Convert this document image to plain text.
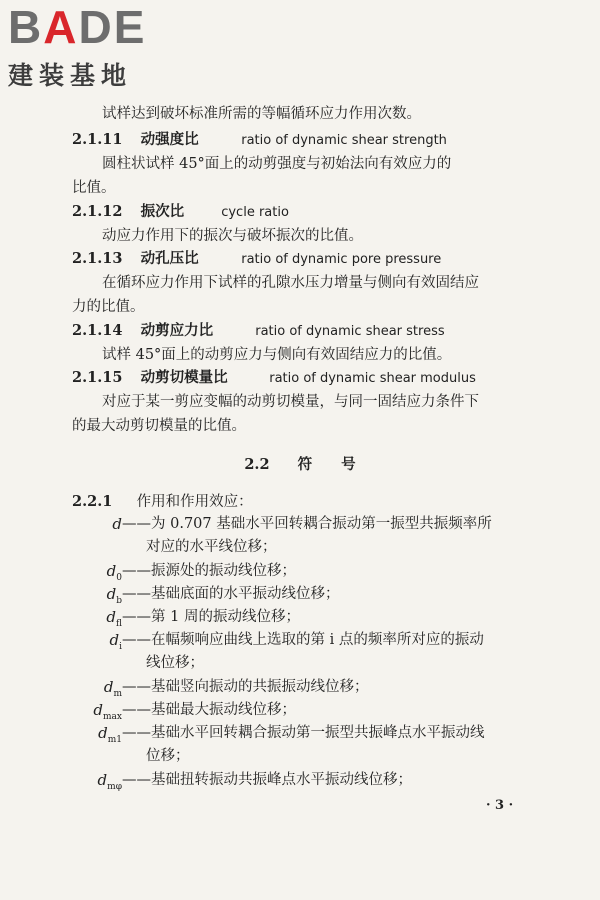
BADE
建装基地
试样达到破坏标准所需的等幅循环应力作用次数。
2.1.11 动强度比	ratio of dynamic shear strength
圆柱状试样 45°面上的动剪强度与初始法向有效应力的
比值。
2.1.12 振次比	cycle ratio
动应力作用下的振次与破坏振次的比值。
2.1.13 动孔压比	ratio of dynamic pore pressure
在循环应力作用下试样的孔隙水压力增量与侧向有效固结应
力的比值。
2.1.14 动剪应力比	ratio of dynamic shear stress
试样 45°面上的动剪应力与侧向有效固结应力的比值。
2.1.15 动剪切模量比	ratio of dynamic shear modulus
对应于某一剪应变幅的动剪切模量，与同一固结应力条件下
的最大动剪切模量的比值。
2.2 符　　号
2.2.1 作用和作用效应：
d ——为 0.707 基础水平回转耦合振动第一振型共振频率所
对应的水平线位移；
$d_0$ ——振源处的振动线位移；
$d_b$ ——基础底面的水平振动线位移；
$d_{fl}$ ——第 1 周的振动线位移；
$d_i$ ——在幅频响应曲线上选取的第 i 点的频率所对应的振动
线位移；
$d_m$ ——基础竖向振动的共振振动线位移；
$d_{max}$ ——基础最大振动线位移；
$d_{m1}$ ——基础水平回转耦合振动第一振型共振峰点水平振动线
位移；
$d_{m\varphi}$ ——基础扭转振动共振峰点水平振动线位移；
· 3 ·
